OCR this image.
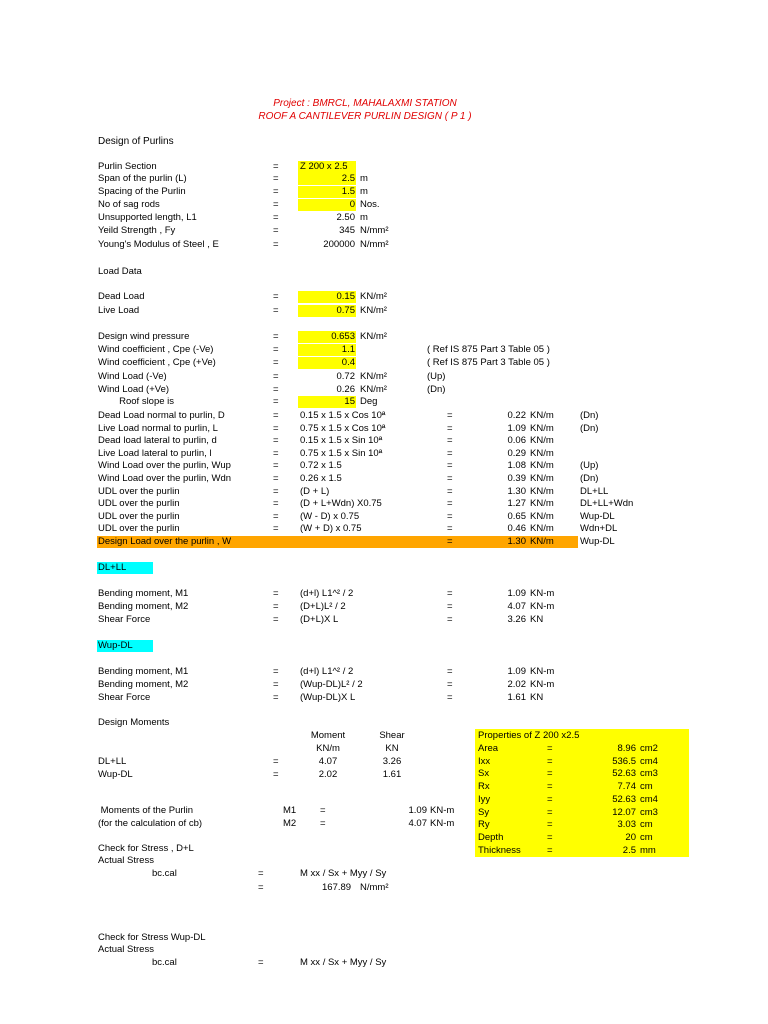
Project : BMRCL, MAHALAXMI STATION
ROOF A CANTILEVER PURLIN DESIGN ( P 1 )
Design of Purlins
Purlin Section	= Z 200 x 2.5
Span of the purlin (L)	=	2.5 m
Spacing of the Purlin	=	1.5 m
No of sag rods	=	0 Nos.
Unsupported length, L1	=	2.50 m
Yeild Strength , Fy	=	345 N/mm²
Young's Modulus of Steel , E	=	200000 N/mm²
Load Data
Dead Load	=	0.15 KN/m²
Live Load	=	0.75 KN/m²
Design wind pressure	=	0.653 KN/m²
Wind coefficient , Cpe (-Ve)	=	1.1	( Ref IS 875 Part 3 Table 05 )
Wind coefficient , Cpe (+Ve)	=	0.4	( Ref IS 875 Part 3 Table 05 )
Wind Load (-Ve)	=	0.72 KN/m²	(Up)
Wind Load (+Ve)	=	0.26 KN/m²	(Dn)
Roof slope is	=	15 Deg
Dead Load normal to purlin, D	= 0.15 x 1.5 x Cos 10ª	=	0.22 KN/m	(Dn)
Live Load normal to purlin, L	= 0.75 x 1.5 x Cos 10ª	=	1.09 KN/m	(Dn)
Dead load lateral to purlin, d	= 0.15 x 1.5 x Sin 10ª	=	0.06 KN/m
Live Load lateral to purlin, l	= 0.75 x 1.5 x Sin 10ª	=	0.29 KN/m
Wind Load over the purlin, Wup	= 0.72 x 1.5	=	1.08 KN/m	(Up)
Wind Load over the purlin, Wdn	= 0.26 x 1.5	=	0.39 KN/m	(Dn)
UDL over the purlin	= (D + L)	=	1.30 KN/m	DL+LL
UDL over the purlin	= (D + L+Wdn) X0.75	=	1.27 KN/m	DL+LL+Wdn
UDL over the purlin	= (W - D) x 0.75	=	0.65 KN/m	Wup-DL
UDL over the purlin	= (W + D) x 0.75	=	0.46 KN/m	Wdn+DL
Design Load over the purlin , W	=	1.30 KN/m	Wup-DL
DL+LL
Bending moment, M1	= (d+l) L1^² / 2	=	1.09 KN-m
Bending moment, M2	= (D+L)L² / 2	=	4.07 KN-m
Shear Force	= (D+L)X L	=	3.26 KN
Wup-DL
Bending moment, M1	= (d+l) L1^² / 2	=	1.09 KN-m
Bending moment, M2	= (Wup-DL)L² / 2	=	2.02 KN-m
Shear Force	= (Wup-DL)X L	=	1.61 KN
Design Moments
Moment	Shear
KN/m	KN
DL+LL	=	4.07	3.26
Wup-DL	=	2.02	1.61
Properties of Z 200 x2.5
Area	=	8.96 cm2
Ixx	=	536.5 cm4
Sx	=	52.63 cm3
Rx	=	7.74 cm
Iyy	=	52.63 cm4
Sy	=	12.07 cm3
Ry	=	3.03 cm
Depth	=	20 cm
Thickness	=	2.5 mm
Moments of the Purlin
(for the calculation of cb)
M1	=	1.09 KN-m
M2	=	4.07 KN-m
Check for Stress , D+L
Actual Stress
bc.cal	=	M xx / Sx + Myy / Sy
=	167.89 N/mm²
Check for Stress Wup-DL
Actual Stress
bc.cal	=	M xx / Sx + Myy / Sy
